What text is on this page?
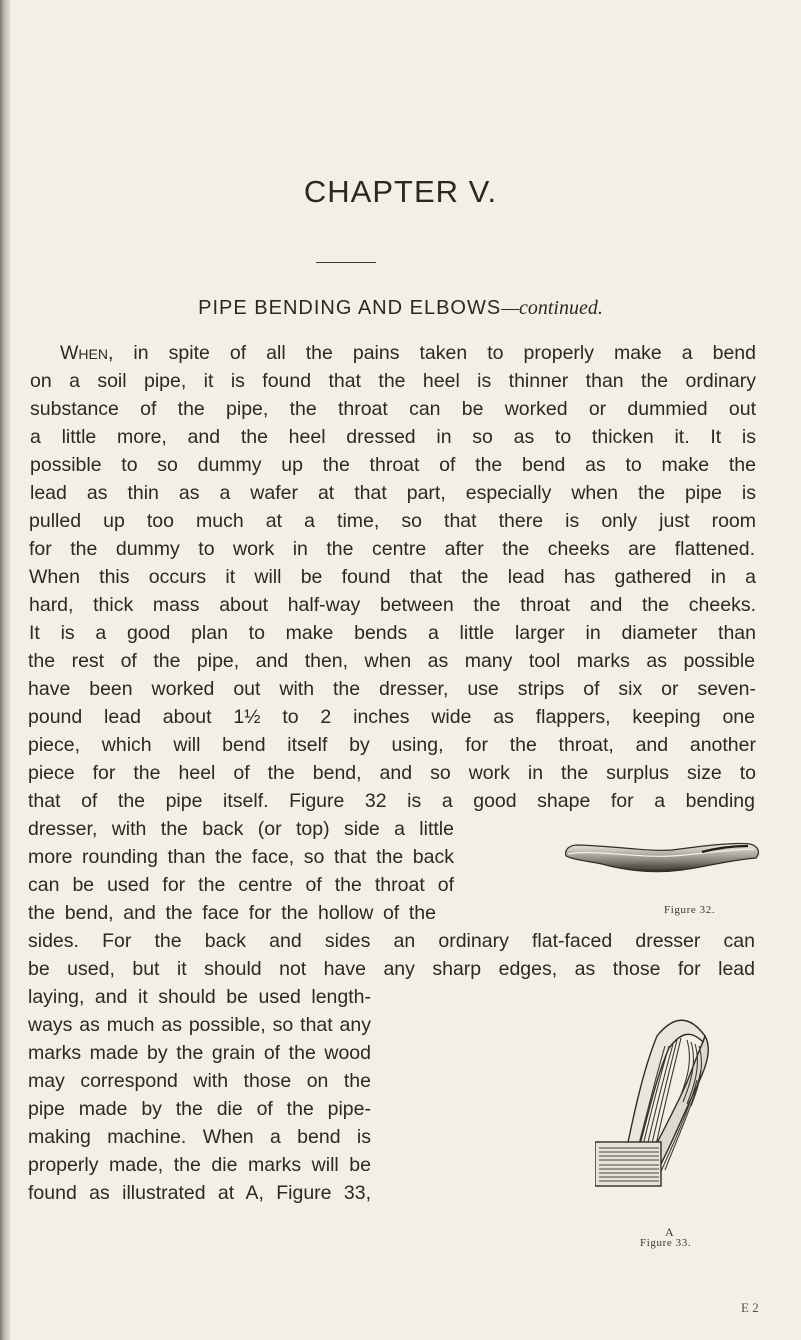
CHAPTER V.
PIPE BENDING AND ELBOWS—continued.
When, in spite of all the pains taken to properly make a bend
on a soil pipe, it is found that the heel is thinner than the ordinary
substance of the pipe, the throat can be worked or dummied out
a little more, and the heel dressed in so as to thicken it. It is
possible to so dummy up the throat of the bend as to make the
lead as thin as a wafer at that part, especially when the pipe is
pulled up too much at a time, so that there is only just room
for the dummy to work in the centre after the cheeks are flattened.
When this occurs it will be found that the lead has gathered in a
hard, thick mass about half-way between the throat and the cheeks.
It is a good plan to make bends a little larger in diameter than
the rest of the pipe, and then, when as many tool marks as possible
have been worked out with the dresser, use strips of six or seven-
pound lead about 1½ to 2 inches wide as flappers, keeping one
piece, which will bend itself by using, for the throat, and another
piece for the heel of the bend, and so work in the surplus size to
that of the pipe itself. Figure 32 is a good shape for a bending
dresser, with the back (or top) side a little
more rounding than the face, so that the back
can be used for the centre of the throat of
the bend, and the face for the hollow of the
sides. For the back and sides an ordinary flat-faced dresser can
be used, but it should not have any sharp edges, as those for lead
laying, and it should be used length-
ways as much as possible, so that any
marks made by the grain of the wood
may correspond with those on the
pipe made by the die of the pipe-
making machine. When a bend is
properly made, the die marks will be
found as illustrated at A, Figure 33,
Figure 32.
A
Figure 33.
E 2
